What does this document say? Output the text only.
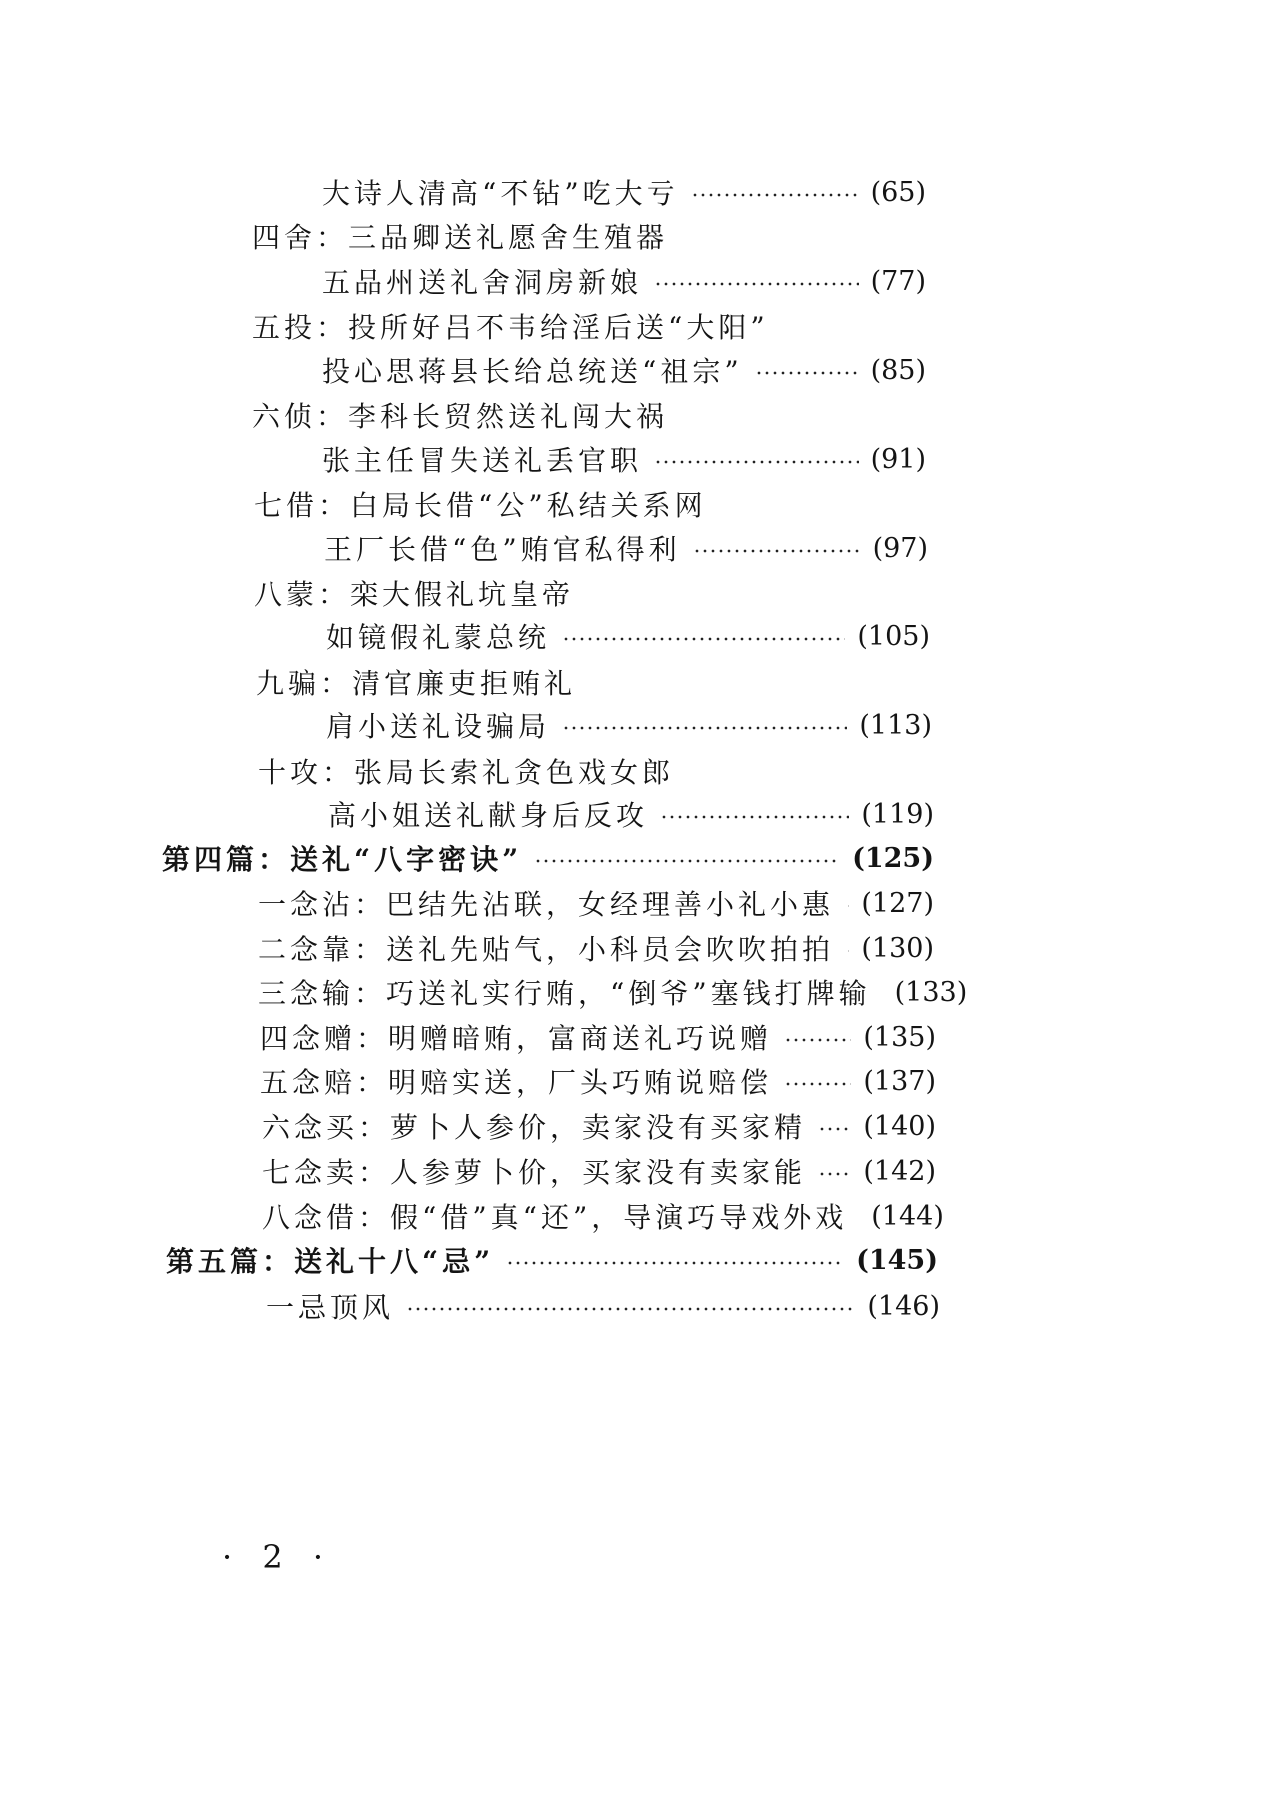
大诗人清高“不钻”吃大亏	(65)
四舍：三品卿送礼愿舍生殖器
五品州送礼舍洞房新娘	(77)
五投：投所好吕不韦给淫后送“大阳”
投心思蒋县长给总统送“祖宗”	(85)
六侦：李科长贸然送礼闯大祸
张主任冒失送礼丢官职	(91)
七借：白局长借“公”私结关系网
王厂长借“色”贿官私得利	(97)
八蒙：栾大假礼坑皇帝
如镜假礼蒙总统	(105)
九骗：清官廉吏拒贿礼
肩小送礼设骗局	(113)
十攻：张局长索礼贪色戏女郎
高小姐送礼献身后反攻	(119)
第四篇：送礼“八字密诀”	(125)
一念沾：巴结先沾联，女经理善小礼小惠 (127)
二念靠：送礼先贴气，小科员会吹吹拍拍 (130)
三念输：巧送礼实行贿，“倒爷”塞钱打牌输 (133)
四念赠：明赠暗贿，富商送礼巧说赠	(135)
五念赔：明赔实送，厂头巧贿说赔偿	(137)
六念买：萝卜人参价，卖家没有买家精 (140)
七念卖：人参萝卜价，买家没有卖家能 (142)
八念借：假“借”真“还”，导演巧导戏外戏 (144)
第五篇：送礼十八“忌”	(145)
一忌顶风	(146)
· 2 ·
